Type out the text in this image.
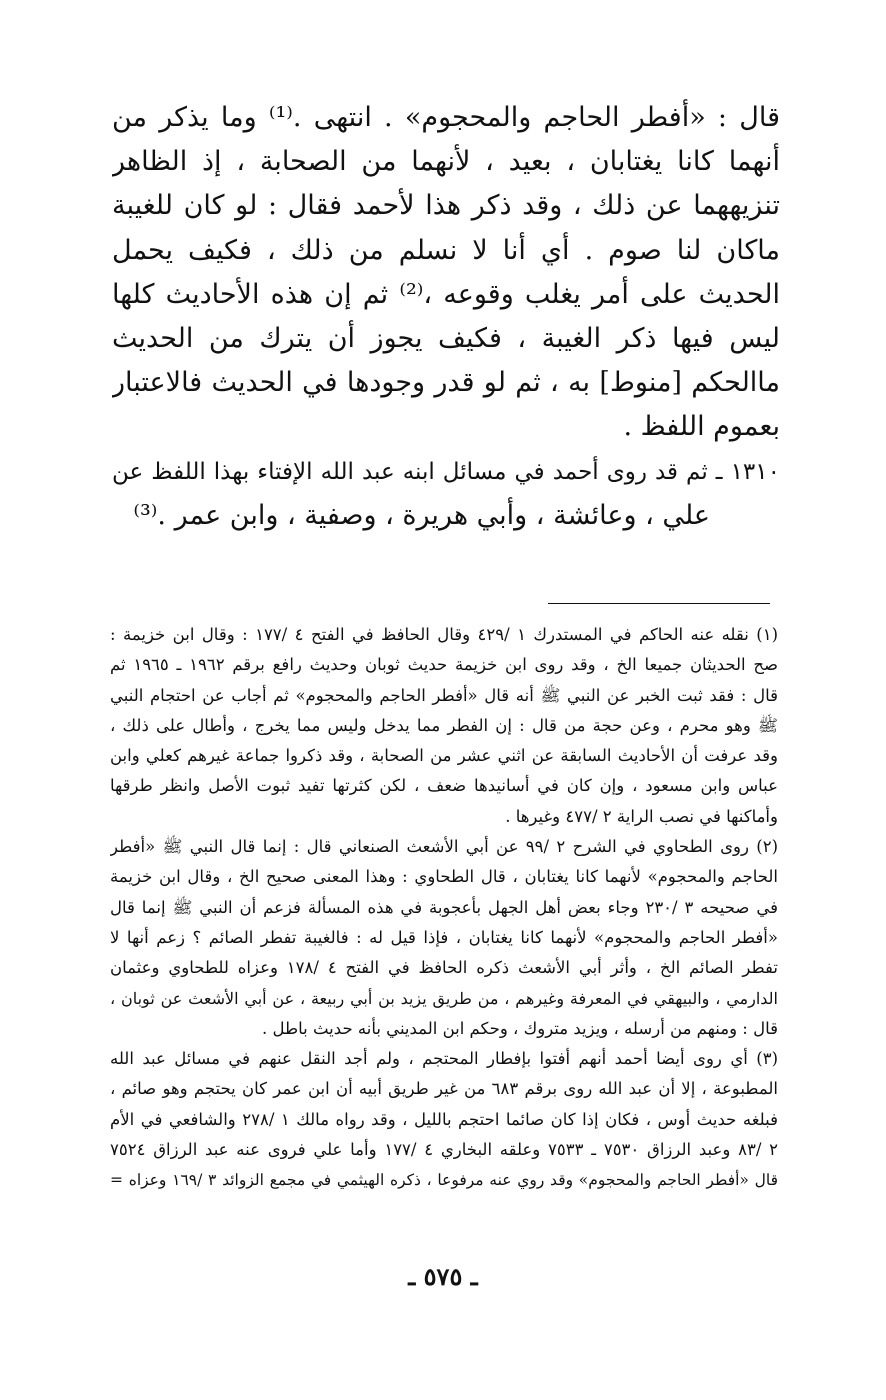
قال : «أفطر الحاجم والمحجوم» . انتهى .⁽¹⁾ وما يذكر من
أنهما كانا يغتابان ، بعيد ، لأنهما من الصحابة ، إذ الظاهر
تنزيههما عن ذلك ، وقد ذكر هذا لأحمد فقال : لو كان للغيبة
ماكان لنا صوم . أي أنا لا نسلم من ذلك ، فكيف يحمل
الحديث على أمر يغلب وقوعه ،⁽²⁾ ثم إن هذه الأحاديث كلها
ليس فيها ذكر الغيبة ، فكيف يجوز أن يترك من الحديث
ماالحكم [منوط] به ، ثم لو قدر وجودها في الحديث فالاعتبار
بعموم اللفظ .
١٣١٠ ـ ثم قد روى أحمد في مسائل ابنه عبد الله الإفتاء بهذا اللفظ عن
علي ، وعائشة ، وأبي هريرة ، وصفية ، وابن عمر .⁽³⁾
(١) نقله عنه الحاكم في المستدرك ١ /٤٢٩ وقال الحافظ في الفتح ٤ /١٧٧ : وقال ابن خزيمة :
صح الحديثان جميعا الخ ، وقد روى ابن خزيمة حديث ثوبان وحديث رافع برقم ١٩٦٢ ـ ١٩٦٥ ثم
قال : فقد ثبت الخبر عن النبي ﷺ أنه قال «أفطر الحاجم والمحجوم» ثم أجاب عن احتجام النبي
ﷺ وهو محرم ، وعن حجة من قال : إن الفطر مما يدخل وليس مما يخرج ، وأطال على ذلك ،
وقد عرفت أن الأحاديث السابقة عن اثني عشر من الصحابة ، وقد ذكروا جماعة غيرهم كعلي وابن
عباس وابن مسعود ، وإن كان في أسانيدها ضعف ، لكن كثرتها تفيد ثبوت الأصل وانظر طرقها
وأماكنها في نصب الراية ٢ /٤٧٧ وغيرها .
(٢) روى الطحاوي في الشرح ٢ /٩٩ عن أبي الأشعث الصنعاني قال : إنما قال النبي ﷺ «أفطر
الحاجم والمحجوم» لأنهما كانا يغتابان ، قال الطحاوي : وهذا المعنى صحيح الخ ، وقال ابن خزيمة
في صحيحه ٣ /٢٣٠ وجاء بعض أهل الجهل بأعجوبة في هذه المسألة فزعم أن النبي ﷺ إنما قال
«أفطر الحاجم والمحجوم» لأنهما كانا يغتابان ، فإذا قيل له : فالغيبة تفطر الصائم ؟ زعم أنها لا
تفطر الصائم الخ ، وأثر أبي الأشعث ذكره الحافظ في الفتح ٤ /١٧٨ وعزاه للطحاوي وعثمان
الدارمي ، والبيهقي في المعرفة وغيرهم ، من طريق يزيد بن أبي ربيعة ، عن أبي الأشعث عن ثوبان ،
قال : ومنهم من أرسله ، ويزيد متروك ، وحكم ابن المديني بأنه حديث باطل .
(٣) أي روى أيضا أحمد أنهم أفتوا بإفطار المحتجم ، ولم أجد النقل عنهم في مسائل عبد الله
المطبوعة ، إلا أن عبد الله روى برقم ٦٨٣ من غير طريق أبيه أن ابن عمر كان يحتجم وهو صائم ،
فبلغه حديث أوس ، فكان إذا كان صائما احتجم بالليل ، وقد رواه مالك ١ /٢٧٨ والشافعي في الأم
٢ /٨٣ وعبد الرزاق ٧٥٣٠ ـ ٧٥٣٣ وعلقه البخاري ٤ /١٧٧ وأما علي فروى عنه عبد الرزاق ٧٥٢٤
قال «أفطر الحاجم والمحجوم» وقد روي عنه مرفوعا ، ذكره الهيثمي في مجمع الزوائد ٣ /١٦٩ وعزاه =
ـ ٥٧٥ ـ
